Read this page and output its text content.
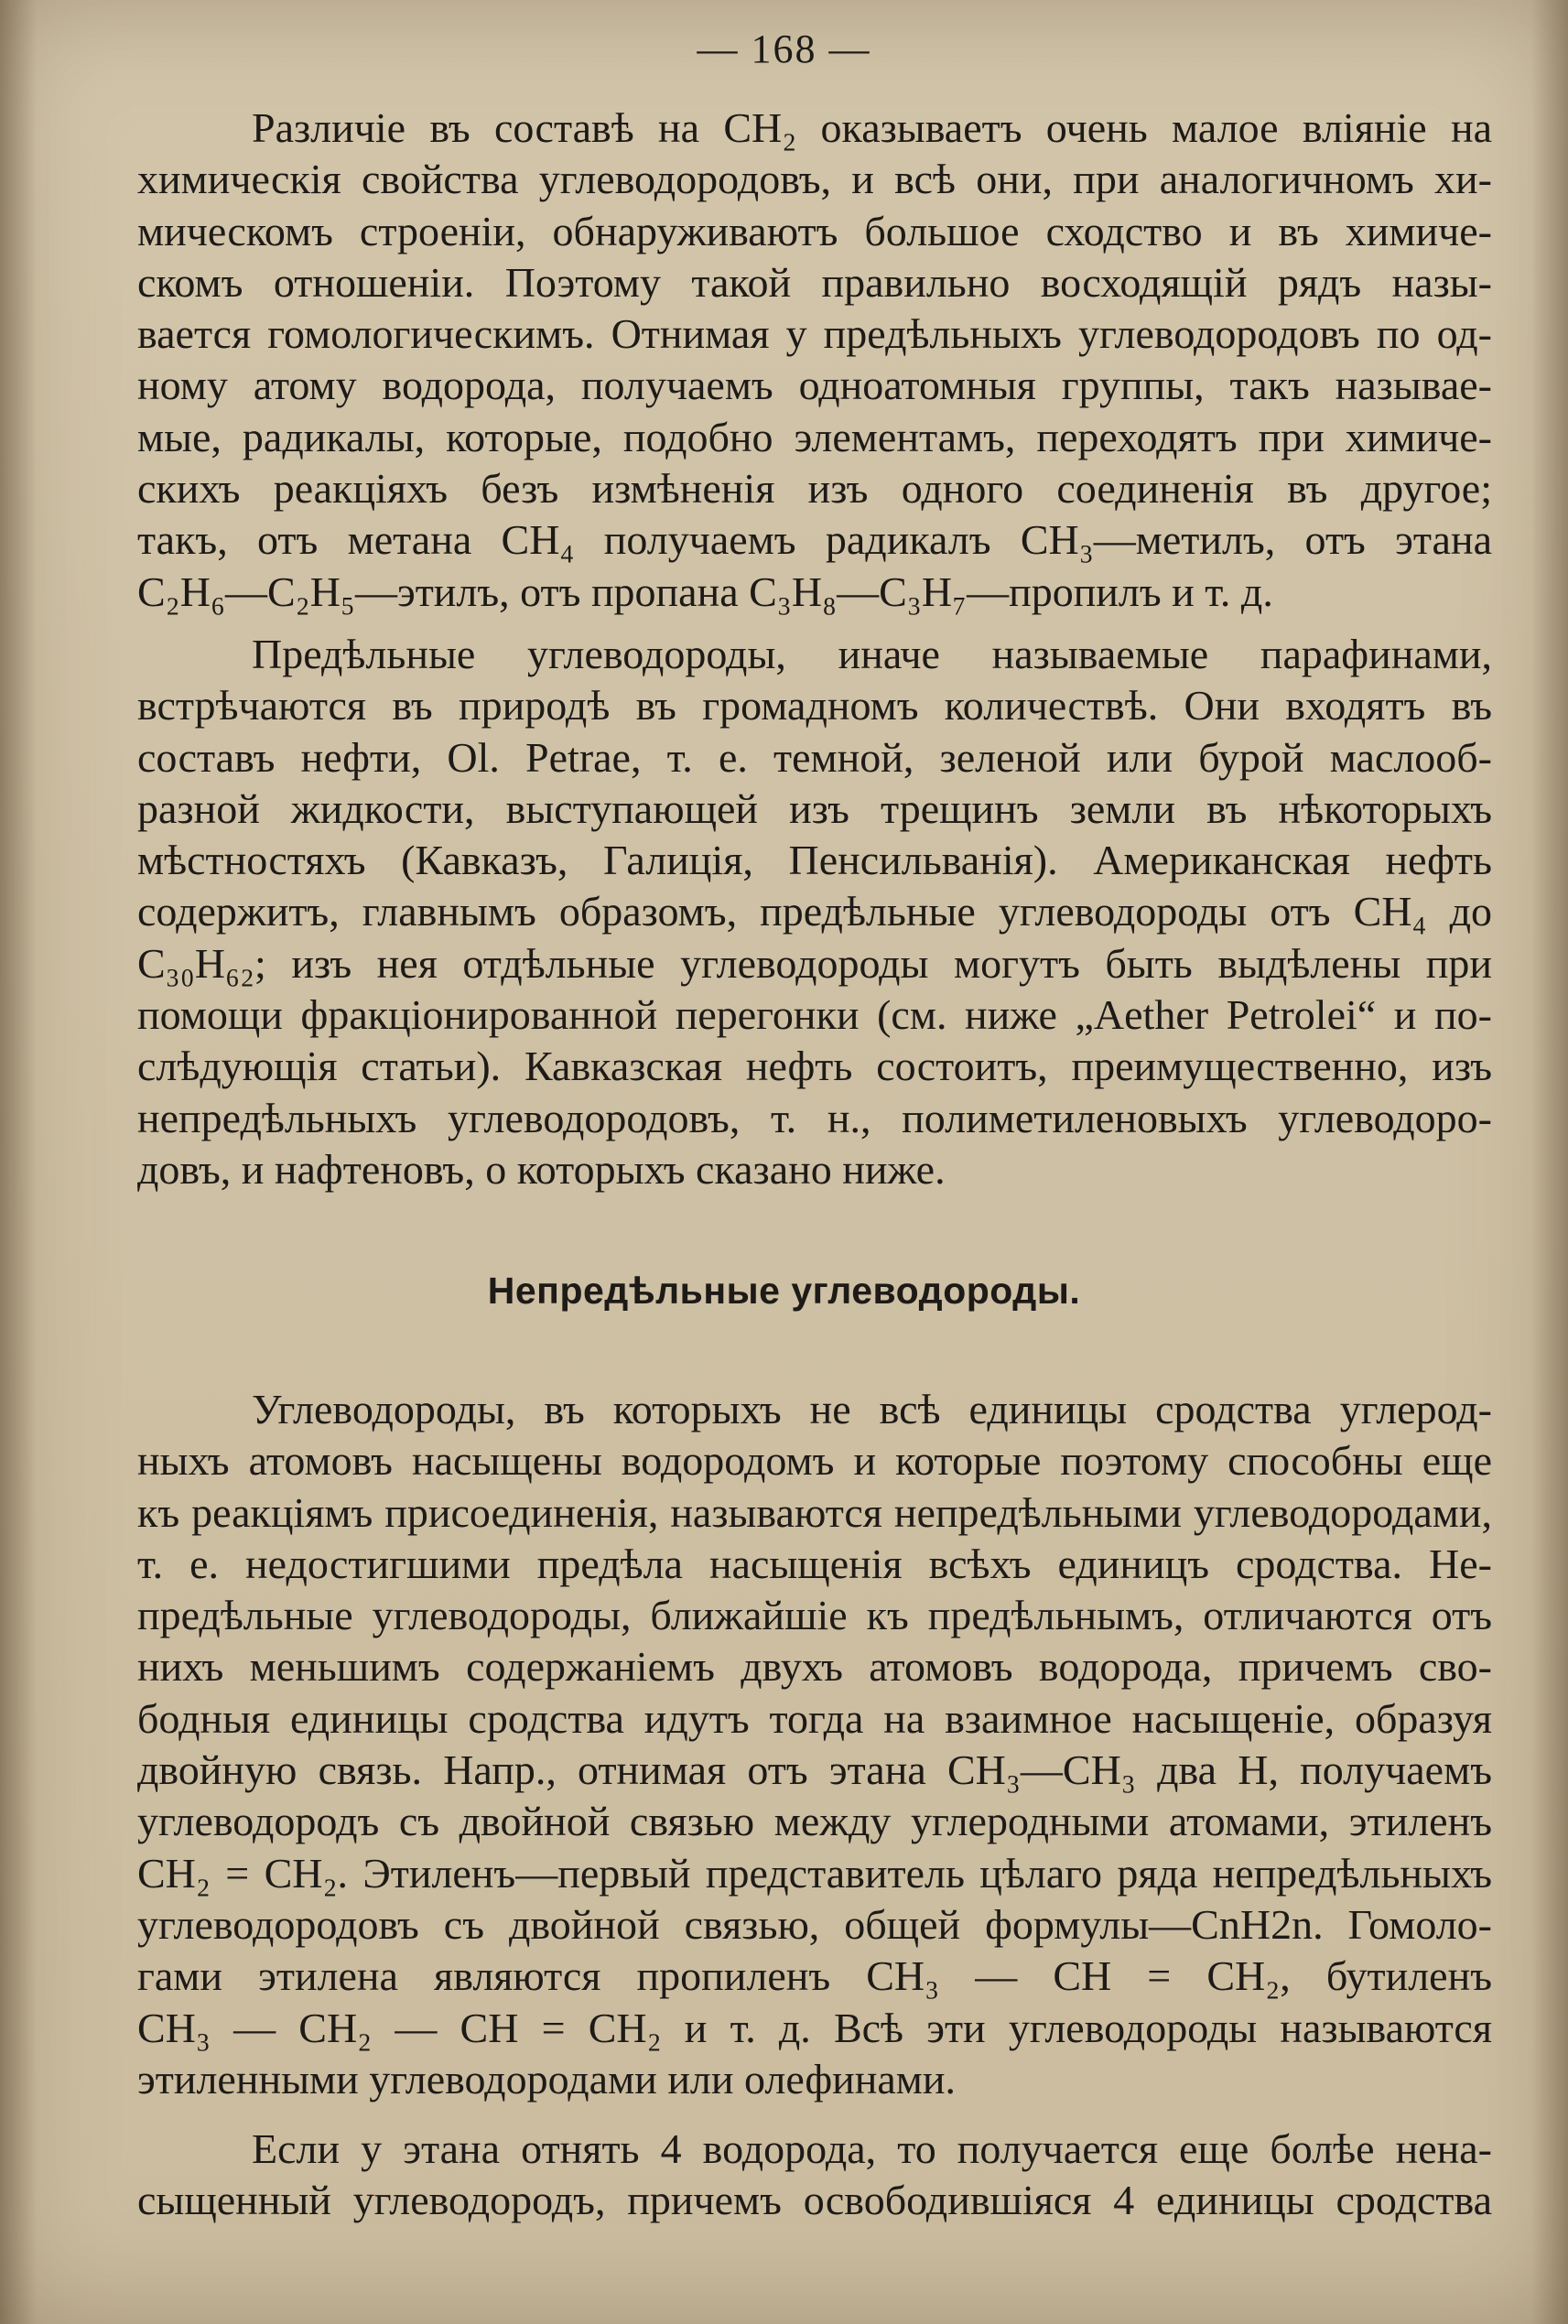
— 168 —
Различіе въ составѣ на CH₂ оказываетъ очень малое вліяніе на
химическія свойства углеводородовъ, и всѣ они, при аналогичномъ хи-
мическомъ строеніи, обнаруживаютъ большое сходство и въ химиче-
скомъ отношеніи. Поэтому такой правильно восходящій рядъ назы-
вается гомологическимъ. Отнимая у предѣльныхъ углеводородовъ по од-
ному атому водорода, получаемъ одноатомныя группы, такъ называе-
мые, радикалы, которые, подобно элементамъ, переходятъ при химиче-
скихъ реакціяхъ безъ измѣненія изъ одного соединенія въ другое;
такъ, отъ метана CH₄ получаемъ радикалъ CH₃—метилъ, отъ этана
C₂H₆—C₂H₅—этилъ, отъ пропана C₃H₈—C₃H₇—пропилъ и т. д.
Предѣльные углеводороды, иначе называемые парафинами,
встрѣчаются въ природѣ въ громадномъ количествѣ. Они входятъ въ
составъ нефти, Ol. Petrae, т. е. темной, зеленой или бурой маслооб-
разной жидкости, выступающей изъ трещинъ земли въ нѣкоторыхъ
мѣстностяхъ (Кавказъ, Галиція, Пенсильванія). Американская нефть
содержитъ, главнымъ образомъ, предѣльные углеводороды отъ CH₄ до
C₃₀H₆₂; изъ нея отдѣльные углеводороды могутъ быть выдѣлены при
помощи фракціонированной перегонки (см. ниже „Aether Petrolei“ и по-
слѣдующія статьи). Кавказская нефть состоитъ, преимущественно, изъ
непредѣльныхъ углеводородовъ, т. н., полиметиленовыхъ углеводоро-
довъ, и нафтеновъ, о которыхъ сказано ниже.
Непредѣльные углеводороды.
Углеводороды, въ которыхъ не всѣ единицы сродства углерод-
ныхъ атомовъ насыщены водородомъ и которые поэтому способны еще
къ реакціямъ присоединенія, называются непредѣльными углеводородами,
т. е. недостигшими предѣла насыщенія всѣхъ единицъ сродства. Не-
предѣльные углеводороды, ближайшіе къ предѣльнымъ, отличаются отъ
нихъ меньшимъ содержаніемъ двухъ атомовъ водорода, причемъ сво-
бодныя единицы сродства идутъ тогда на взаимное насыщеніе, образуя
двойную связь. Напр., отнимая отъ этана CH₃—CH₃ два H, получаемъ
углеводородъ съ двойной связью между углеродными атомами, этиленъ
CH₂ = CH₂. Этиленъ—первый представитель цѣлаго ряда непредѣльныхъ
углеводородовъ съ двойной связью, общей формулы—CnH2n. Гомоло-
гами этилена являются пропиленъ CH₃ — CH = CH₂, бутиленъ
CH₃ — CH₂ — CH = CH₂ и т. д. Всѣ эти углеводороды называются
этиленными углеводородами или олефинами.
Если у этана отнять 4 водорода, то получается еще болѣе нена-
сыщенный углеводородъ, причемъ освободившіяся 4 единицы сродства
